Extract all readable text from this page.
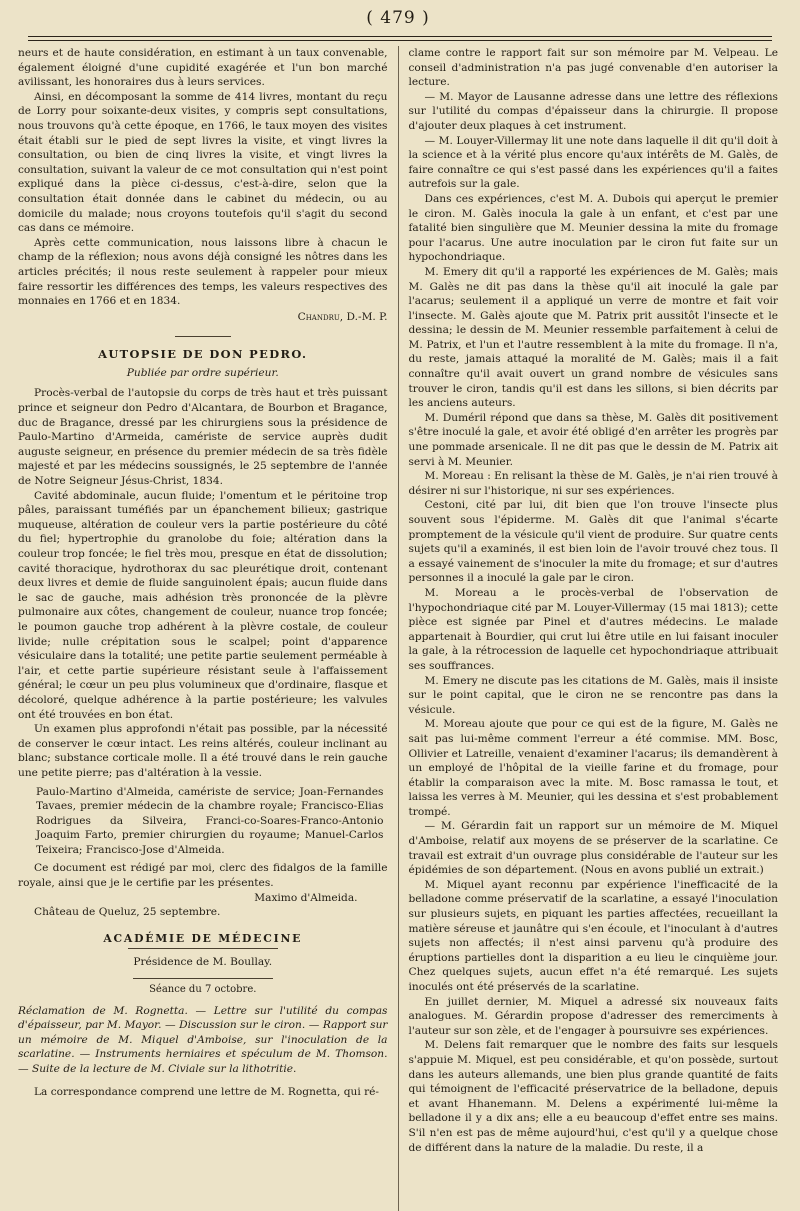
( 479 )

neurs et de haute considération, en estimant à un taux convenable, également éloigné d'une cupidité exagérée et l'un bon marché avilissant, les honoraires dus à leurs services.

Ainsi, en décomposant la somme de 414 livres, montant du reçu de Lorry pour soixante-deux visites, y compris sept consultations, nous trouvons qu'à cette époque, en 1766, le taux moyen des visites était établi sur le pied de sept livres la visite, et vingt livres la consultation, ou bien de cinq livres la visite, et vingt livres la consultation, suivant la valeur de ce mot consultation qui n'est point expliqué dans la pièce ci-dessus, c'est-à-dire, selon que la consultation était donnée dans le cabinet du médecin, ou au domicile du malade; nous croyons toutefois qu'il s'agit du second cas dans ce mémoire.

Après cette communication, nous laissons libre à chacun le champ de la réflexion; nous avons déjà consigné les nôtres dans les articles précités; il nous reste seulement à rappeler pour mieux faire ressortir les différences des temps, les valeurs respectives des monnaies en 1766 et en 1834.

Chandru, D.-M. P.
AUTOPSIE DE DON PEDRO.
Publiée par ordre supérieur.

Procès-verbal de l'autopsie du corps de très haut et très puissant prince et seigneur don Pedro d'Alcantara, de Bourbon et Bragance, duc de Bragance, dressé par les chirurgiens sous la présidence de Paulo-Martino d'Armeida, camériste de service auprès dudit auguste seigneur, en présence du premier médecin de sa très fidèle majesté et par les médecins soussignés, le 25 septembre de l'année de Notre Seigneur Jésus-Christ, 1834.

Cavité abdominale, aucun fluide; l'omentum et le péritoine trop pâles, paraissant tuméfiés par un épanchement bilieux; gastrique muqueuse, altération de couleur vers la partie postérieure du côté du fiel; hypertrophie du granolobe du foie; altération dans la couleur trop foncée; le fiel très mou, presque en état de dissolution; cavité thoracique, hydrothorax du sac pleurétique droit, contenant deux livres et demie de fluide sanguinolent épais; aucun fluide dans le sac de gauche, mais adhésion très prononcée de la plèvre pulmonaire aux côtes, changement de couleur, nuance trop foncée; le poumon gauche trop adhérent à la plèvre costale, de couleur livide; nulle crépitation sous le scalpel; point d'apparence vésiculaire dans la totalité; une petite partie seulement perméable à l'air, et cette partie supérieure résistant seule à l'affaissement général; le cœur un peu plus volumineux que d'ordinaire, flasque et décoloré, quelque adhérence à la partie postérieure; les valvules ont été trouvées en bon état.

Un examen plus approfondi n'était pas possible, par la nécessité de conserver le cœur intact. Les reins altérés, couleur inclinant au blanc; substance corticale molle. Il a été trouvé dans le rein gauche une petite pierre; pas d'altération à la vessie.

Paulo-Martino d'Almeida, camériste de service; Joan-Fernandes Tavaes, premier médecin de la chambre royale; Francisco-Elias Rodrigues da Silveira, Franci-co-Soares-Franco-Antonio Joaquim Farto, premier chirurgien du royaume; Manuel-Carlos Teixeira; Francisco-Jose d'Almeida.

Ce document est rédigé par moi, clerc des fidalgos de la famille royale, ainsi que je le certifie par les présentes.

Maximo d'Almeida.

Château de Queluz, 25 septembre.

ACADÉMIE DE MÉDECINE
Présidence de M. Boullay.
Séance du 7 octobre.

Réclamation de M. Rognetta. — Lettre sur l'utilité du compas d'épaisseur, par M. Mayor. — Discussion sur le ciron. — Rapport sur un mémoire de M. Miquel d'Amboise, sur l'inoculation de la scarlatine. — Instruments herniaires et spéculum de M. Thomson. — Suite de la lecture de M. Civiale sur la lithotritie.

La correspondance comprend une lettre de M. Rognetta, qui ré-

clame contre le rapport fait sur son mémoire par M. Velpeau. Le conseil d'administration n'a pas jugé convenable d'en autoriser la lecture.

— M. Mayor de Lausanne adresse dans une lettre des réflexions sur l'utilité du compas d'épaisseur dans la chirurgie. Il propose d'ajouter deux plaques à cet instrument.

— M. Louyer-Villermay lit une note dans laquelle il dit qu'il doit à la science et à la vérité plus encore qu'aux intérêts de M. Galès, de faire connaître ce qui s'est passé dans les expériences qu'il a faites autrefois sur la gale.

Dans ces expériences, c'est M. A. Dubois qui aperçut le premier le ciron. M. Galès inocula la gale à un enfant, et c'est par une fatalité bien singulière que M. Meunier dessina la mite du fromage pour l'acarus. Une autre inoculation par le ciron fut faite sur un hypochondriaque.

M. Emery dit qu'il a rapporté les expériences de M. Galès; mais M. Galès ne dit pas dans la thèse qu'il ait inoculé la gale par l'acarus; seulement il a appliqué un verre de montre et fait voir l'insecte. M. Galès ajoute que M. Patrix prit aussitôt l'insecte et le dessina; le dessin de M. Meunier ressemble parfaitement à celui de M. Patrix, et l'un et l'autre ressemblent à la mite du fromage. Il n'a, du reste, jamais attaqué la moralité de M. Galès; mais il a fait connaître qu'il avait ouvert un grand nombre de vésicules sans trouver le ciron, tandis qu'il est dans les sillons, si bien décrits par les anciens auteurs.

M. Duméril répond que dans sa thèse, M. Galès dit positivement s'être inoculé la gale, et avoir été obligé d'en arrêter les progrès par une pommade arsenicale. Il ne dit pas que le dessin de M. Patrix ait servi à M. Meunier.

M. Moreau : En relisant la thèse de M. Galès, je n'ai rien trouvé à désirer ni sur l'historique, ni sur ses expériences.

Cestoni, cité par lui, dit bien que l'on trouve l'insecte plus souvent sous l'épiderme. M. Galès dit que l'animal s'écarte promptement de la vésicule qu'il vient de produire. Sur quatre cents sujets qu'il a examinés, il est bien loin de l'avoir trouvé chez tous. Il a essayé vainement de s'inoculer la mite du fromage; et sur d'autres personnes il a inoculé la gale par le ciron.

M. Moreau a le procès-verbal de l'observation de l'hypochondriaque cité par M. Louyer-Villermay (15 mai 1813); cette pièce est signée par Pinel et d'autres médecins. Le malade appartenait à Bourdier, qui crut lui être utile en lui faisant inoculer la gale, à la rétrocession de laquelle cet hypochondriaque attribuait ses souffrances.

M. Emery ne discute pas les citations de M. Galès, mais il insiste sur le point capital, que le ciron ne se rencontre pas dans la vésicule.

M. Moreau ajoute que pour ce qui est de la figure, M. Galès ne sait pas lui-même comment l'erreur a été commise. MM. Bosc, Ollivier et Latreille, venaient d'examiner l'acarus; ils demandèrent à un employé de l'hôpital de la vieille farine et du fromage, pour établir la comparaison avec la mite. M. Bosc ramassa le tout, et laissa les verres à M. Meunier, qui les dessina et s'est probablement trompé.

— M. Gérardin fait un rapport sur un mémoire de M. Miquel d'Amboise, relatif aux moyens de se préserver de la scarlatine. Ce travail est extrait d'un ouvrage plus considérable de l'auteur sur les épidémies de son département. (Nous en avons publié un extrait.)

M. Miquel ayant reconnu par expérience l'inefficacité de la belladone comme préservatif de la scarlatine, a essayé l'inoculation sur plusieurs sujets, en piquant les parties affectées, recueillant la matière séreuse et jaunâtre qui s'en écoule, et l'inoculant à d'autres sujets non affectés; il n'est ainsi parvenu qu'à produire des éruptions partielles dont la disparition a eu lieu le cinquième jour. Chez quelques sujets, aucun effet n'a été remarqué. Les sujets inoculés ont été préservés de la scarlatine.

En juillet dernier, M. Miquel a adressé six nouveaux faits analogues. M. Gérardin propose d'adresser des remerciments à l'auteur sur son zèle, et de l'engager à poursuivre ses expériences.

M. Delens fait remarquer que le nombre des faits sur lesquels s'appuie M. Miquel, est peu considérable, et qu'on possède, surtout dans les auteurs allemands, une bien plus grande quantité de faits qui témoignent de l'efficacité préservatrice de la belladone, depuis et avant Hhanemann. M. Delens a expérimenté lui-même la belladone il y a dix ans; elle a eu beaucoup d'effet entre ses mains. S'il n'en est pas de même aujourd'hui, c'est qu'il y a quelque chose de différent dans la nature de la maladie. Du reste, il a
